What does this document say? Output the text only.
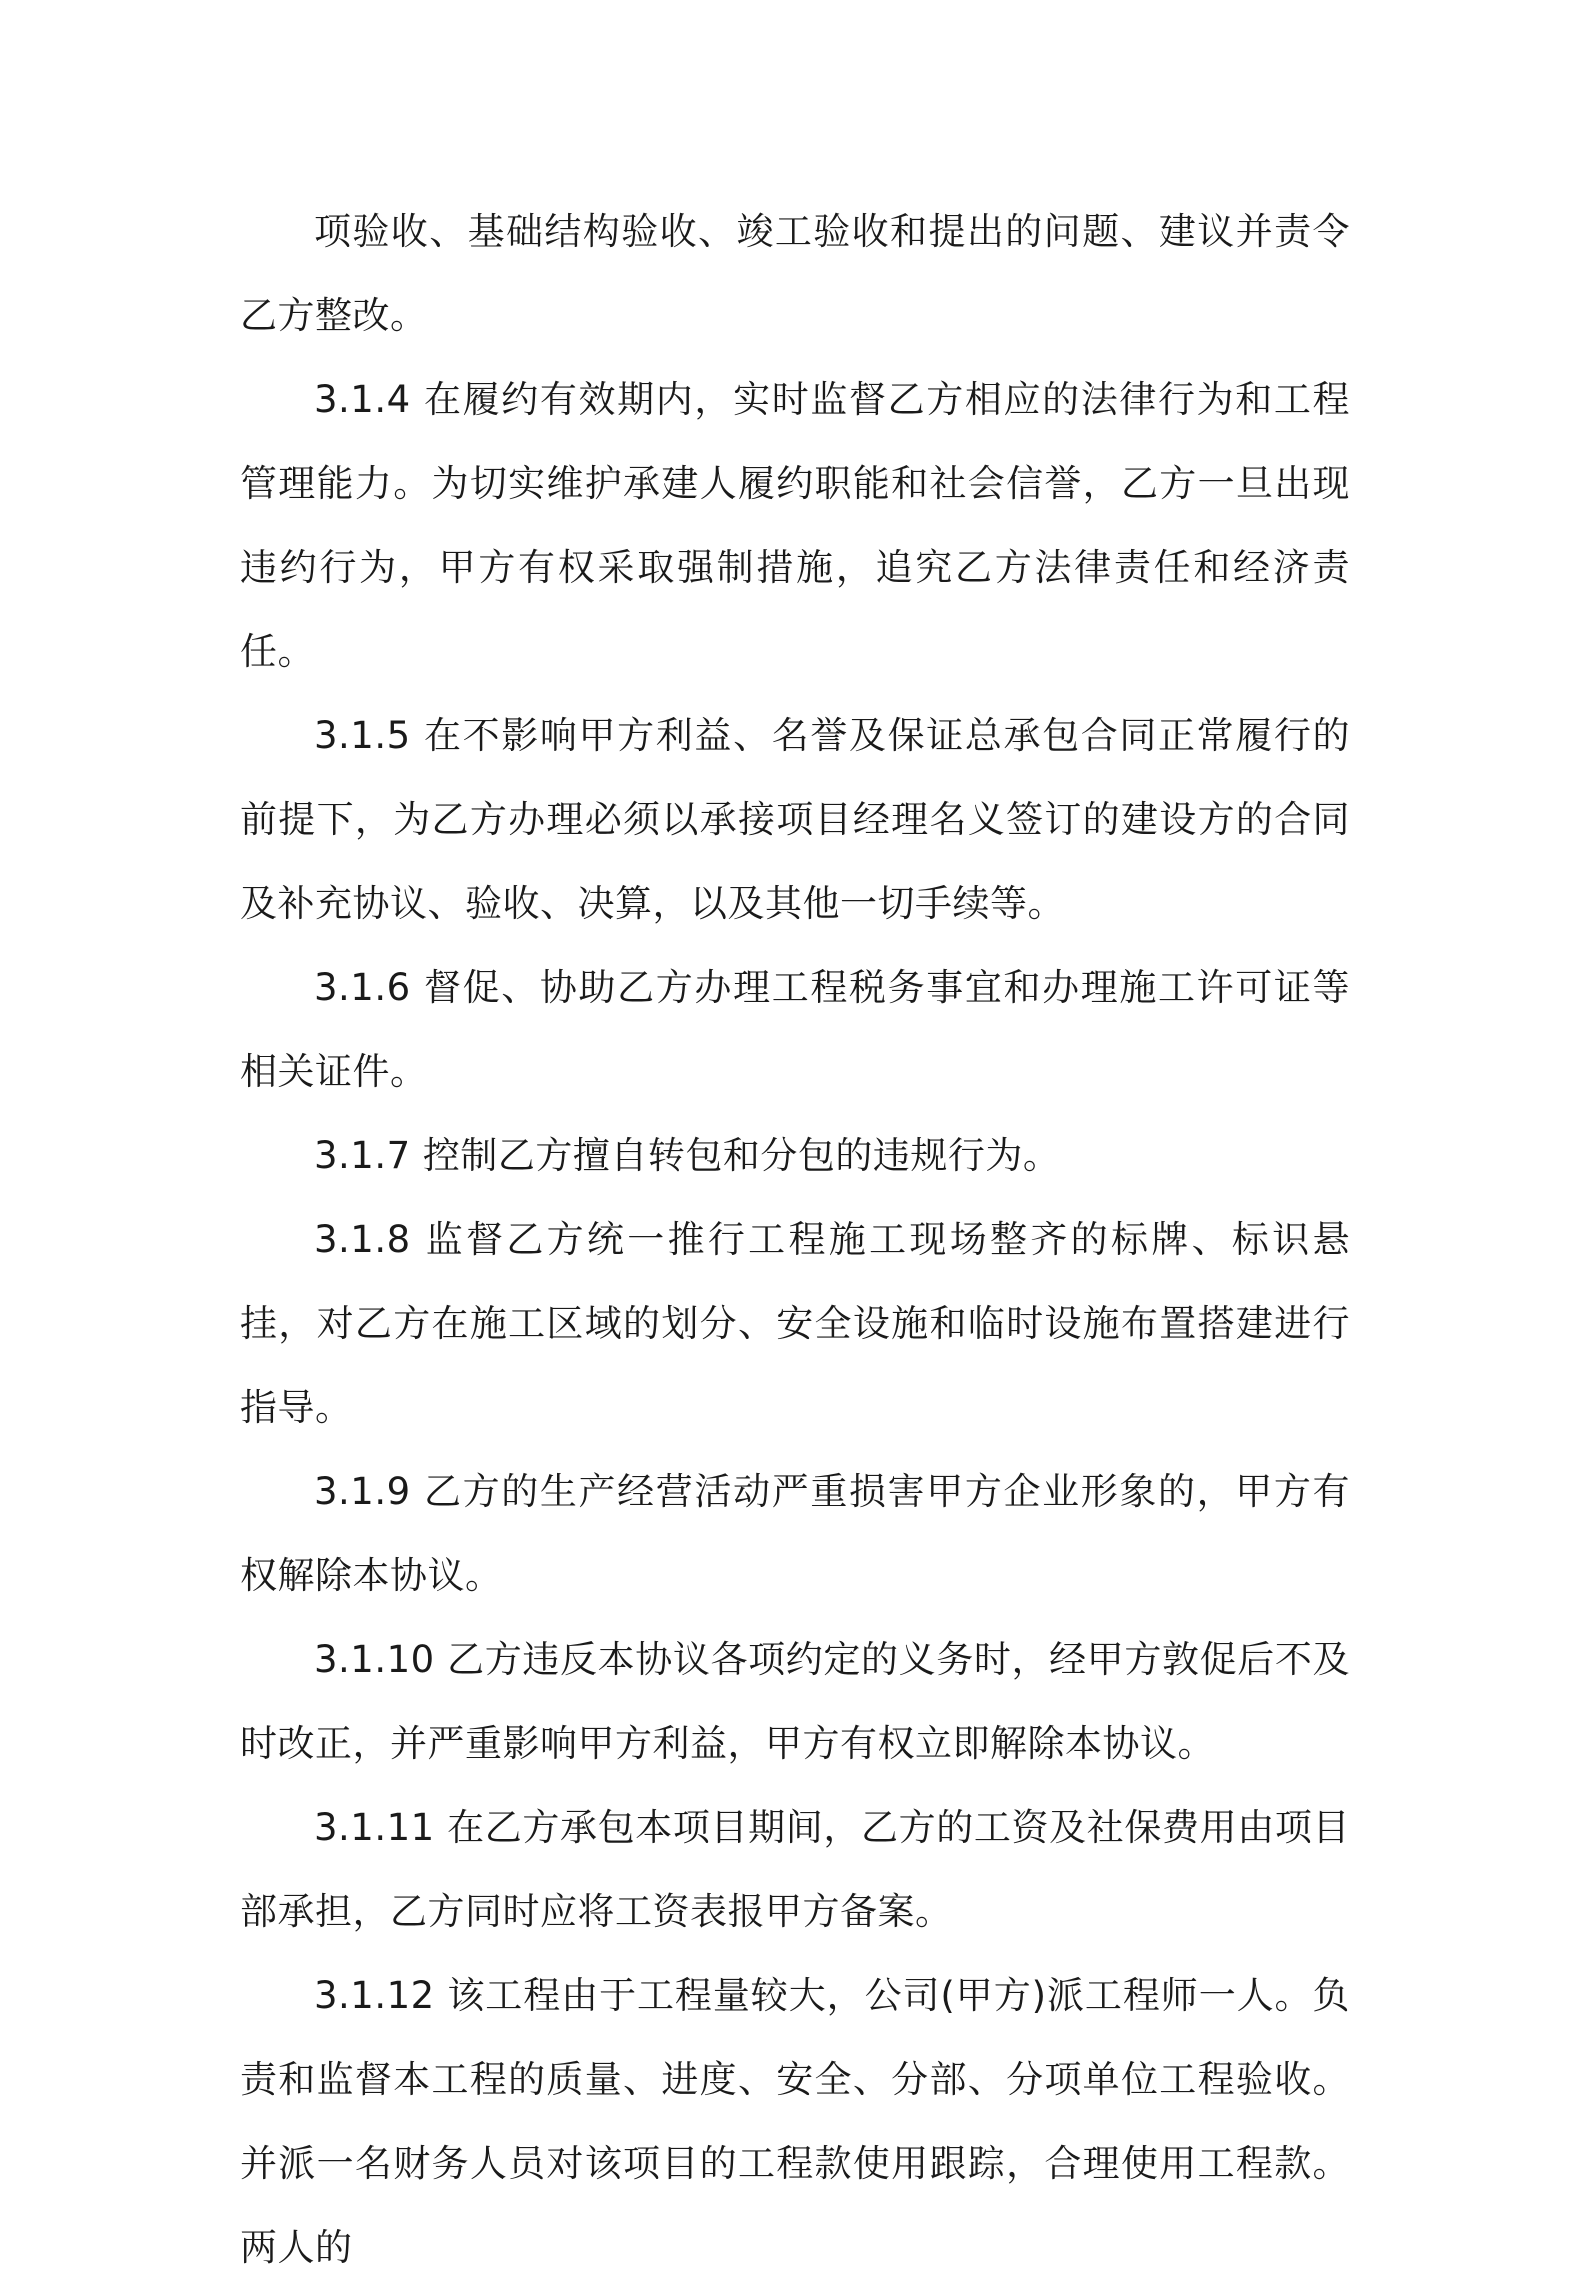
项验收、基础结构验收、竣工验收和提出的问题、建议并责令乙方整改。

3.1.4 在履约有效期内，实时监督乙方相应的法律行为和工程管理能力。为切实维护承建人履约职能和社会信誉，乙方一旦出现违约行为，甲方有权采取强制措施，追究乙方法律责任和经济责任。

3.1.5 在不影响甲方利益、名誉及保证总承包合同正常履行的前提下，为乙方办理必须以承接项目经理名义签订的建设方的合同及补充协议、验收、决算，以及其他一切手续等。

3.1.6 督促、协助乙方办理工程税务事宜和办理施工许可证等相关证件。

3.1.7 控制乙方擅自转包和分包的违规行为。

3.1.8 监督乙方统一推行工程施工现场整齐的标牌、标识悬挂，对乙方在施工区域的划分、安全设施和临时设施布置搭建进行指导。

3.1.9 乙方的生产经营活动严重损害甲方企业形象的，甲方有权解除本协议。

3.1.10 乙方违反本协议各项约定的义务时，经甲方敦促后不及时改正，并严重影响甲方利益，甲方有权立即解除本协议。

3.1.11 在乙方承包本项目期间，乙方的工资及社保费用由项目部承担，乙方同时应将工资表报甲方备案。

3.1.12 该工程由于工程量较大，公司(甲方)派工程师一人。负责和监督本工程的质量、进度、安全、分部、分项单位工程验收。并派一名财务人员对该项目的工程款使用跟踪，合理使用工程款。两人的
